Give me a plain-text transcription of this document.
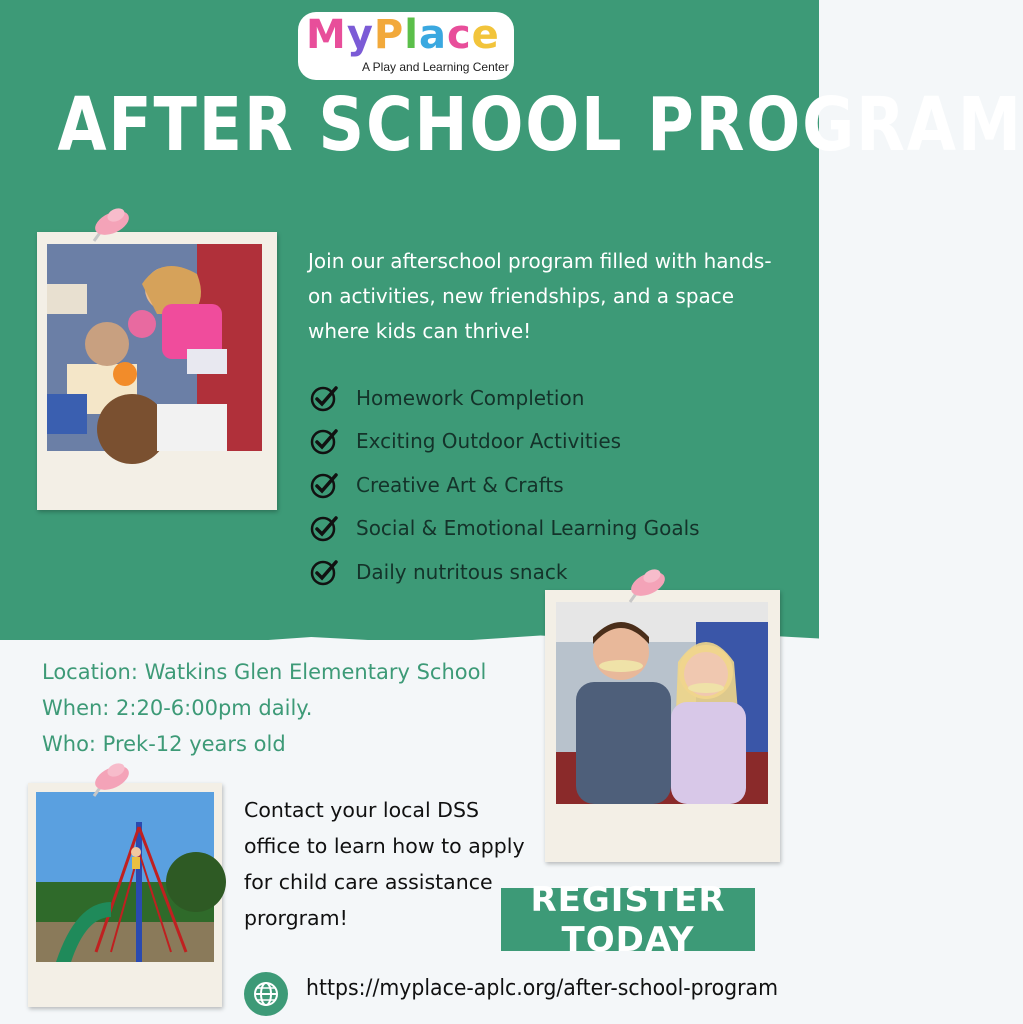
MyPlace
A Play and Learning Center
AFTER SCHOOL PROGRAM
Join our afterschool program filled with hands-on activities, new friendships, and a space where kids can thrive!
Homework Completion
Exciting Outdoor Activities
Creative Art & Crafts
Social & Emotional Learning Goals
Daily nutritous snack
Location: Watkins Glen Elementary School
When: 2:20-6:00pm daily.
Who: Prek-12 years old
Contact your local DSS office to learn how to apply for child care assistance prorgram!	REGISTER TODAY
https://myplace-aplc.org/after-school-program
